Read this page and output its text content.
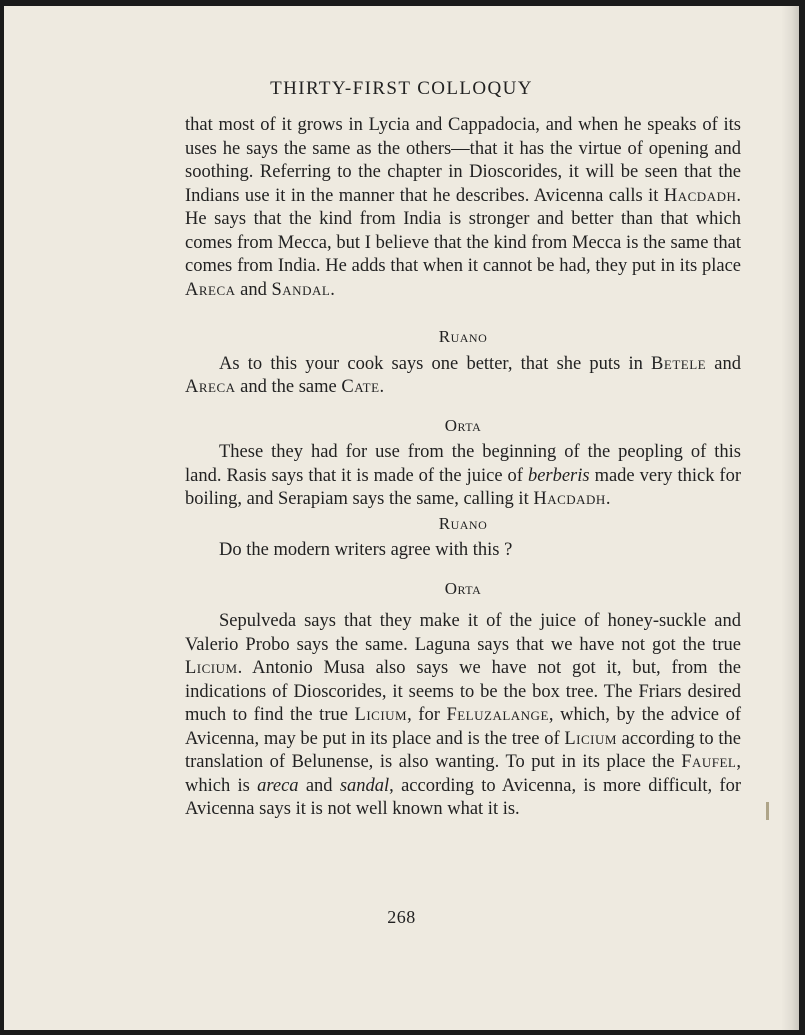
THIRTY-FIRST COLLOQUY

that most of it grows in Lycia and Cappadocia, and when he speaks of its uses he says the same as the others—that it has the virtue of opening and soothing. Referring to the chapter in Dioscorides, it will be seen that the Indians use it in the manner that he describes. Avicenna calls it Hacdadh. He says that the kind from India is stronger and better than that which comes from Mecca, but I believe that the kind from Mecca is the same that comes from India. He adds that when it cannot be had, they put in its place Areca and Sandal.

Ruano

As to this your cook says one better, that she puts in Betele and Areca and the same Cate.

Orta

These they had for use from the beginning of the peopling of this land. Rasis says that it is made of the juice of berberis made very thick for boiling, and Serapiam says the same, calling it Hacdadh.

Ruano

Do the modern writers agree with this ?

Orta

Sepulveda says that they make it of the juice of honey-suckle and Valerio Probo says the same. Laguna says that we have not got the true Licium. Antonio Musa also says we have not got it, but, from the indications of Dioscorides, it seems to be the box tree. The Friars desired much to find the true Licium, for Feluzalange, which, by the advice of Avicenna, may be put in its place and is the tree of Licium according to the translation of Belunense, is also wanting. To put in its place the Faufel, which is areca and sandal, according to Avicenna, is more difficult, for Avicenna says it is not well known what it is.

268
